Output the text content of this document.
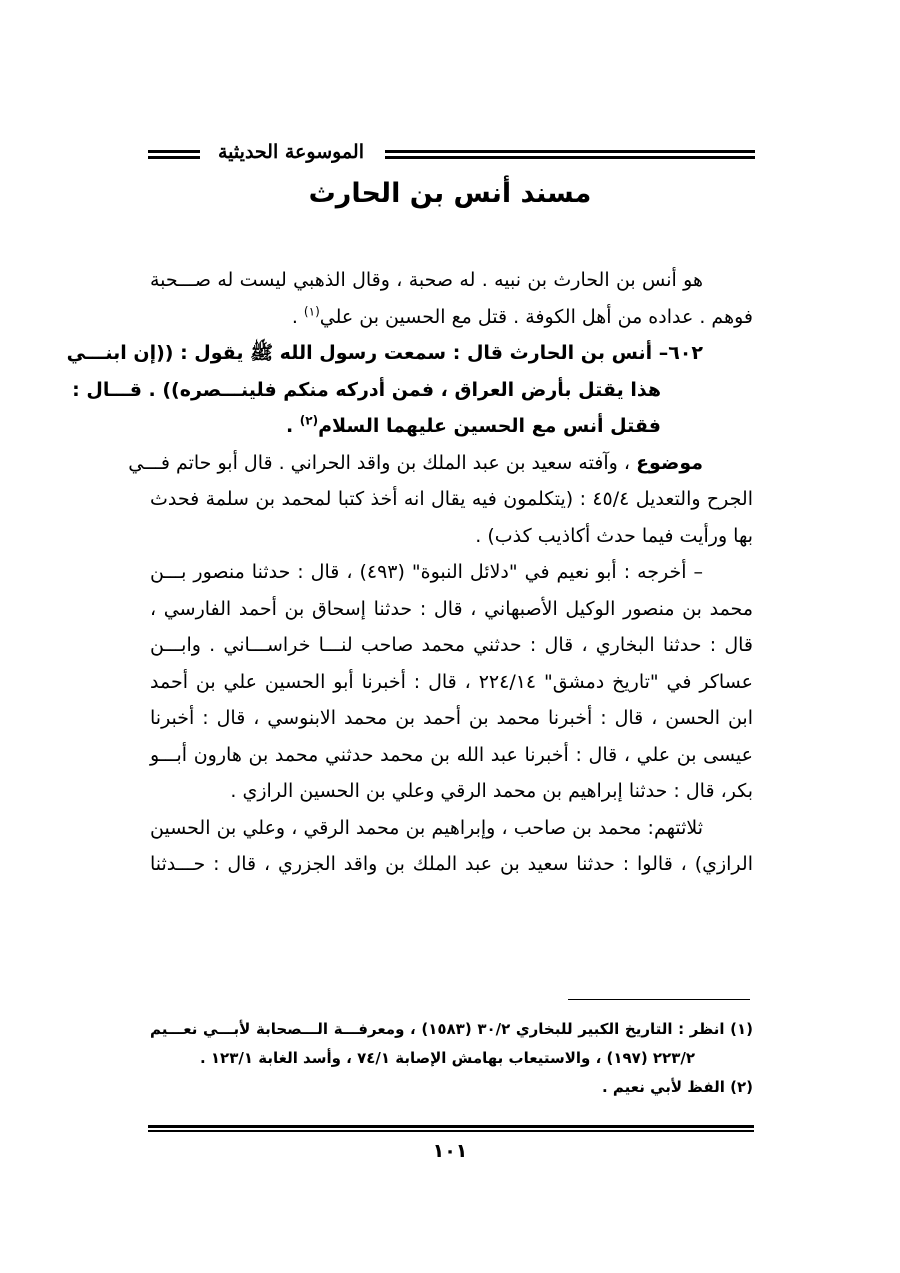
الموسوعة الحديثية
مسند أنس بن الحارث
هو أنس بن الحارث بن نبيه . له صحبة ، وقال الذهبي ليست له صـــحبة
فوهم . عداده من أهل الكوفة . قتل مع الحسين بن علي$^{(١)}$ .
٦٠٢– أنس بن الحارث قال : سمعت رسول الله ﷺ يقول : ((إن ابنـــي
هذا يقتل بأرض العراق ، فمن أدركه منكم فلينـــصره)) . قـــال :
فقتل أنس مع الحسين عليهما السلام$^{(٢)}$ .
موضوع ، وآفته سعيد بن عبد الملك بن واقد الحراني . قال أبو حاتم فـــي
الجرح والتعديل ٤٥/٤ : (يتكلمون فيه يقال انه أخذ كتبا لمحمد بن سلمة فحدث
بها ورأيت فيما حدث أكاذيب كذب) .
– أخرجه : أبو نعيم في "دلائل النبوة" (٤٩٣) ، قال : حدثنا منصور بـــن
محمد بن منصور الوكيل الأصبهاني ، قال : حدثنا إسحاق بن أحمد الفارسي ،
قال : حدثنا البخاري ، قال : حدثني محمد صاحب لنـــا خراســـاني . وابـــن
عساكر في "تاريخ دمشق" ٢٢٤/١٤ ، قال : أخبرنا أبو الحسين علي بن أحمد
ابن الحسن ، قال : أخبرنا محمد بن أحمد بن محمد الابنوسي ، قال : أخبرنا
عيسى بن علي ، قال : أخبرنا عبد الله بن محمد حدثني محمد بن هارون أبـــو
بكر، قال : حدثنا إبراهيم بن محمد الرقي وعلي بن الحسين الرازي .
ثلاثتهم: محمد بن صاحب ، وإبراهيم بن محمد الرقي ، وعلي بن الحسين
الرازي) ، قالوا : حدثنا سعيد بن عبد الملك بن واقد الجزري ، قال : حـــدثنا
(١) انظر : التاريخ الكبير للبخاري ٣٠/٢ (١٥٨٣) ، ومعرفـــة الـــصحابة لأبـــي نعـــيم
٢٢٣/٢ (١٩٧) ، والاستيعاب بهامش الإصابة ٧٤/١ ، وأسد الغابة ١٢٣/١ .
(٢) الفظ لأبي نعيم .
١٠١
